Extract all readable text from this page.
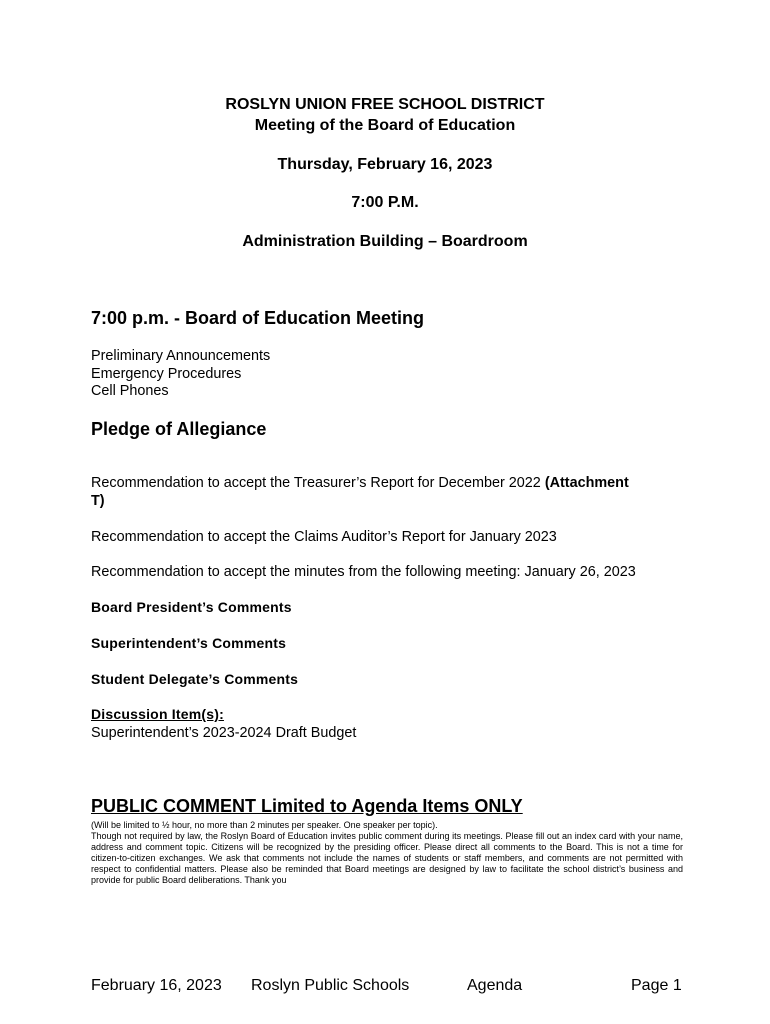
ROSLYN UNION FREE SCHOOL DISTRICT
Meeting of the Board of Education
Thursday, February 16, 2023
7:00 P.M.
Administration Building – Boardroom
7:00 p.m. - Board of Education Meeting
Preliminary Announcements
Emergency Procedures
Cell Phones
Pledge of Allegiance
Recommendation to accept the Treasurer’s Report for December 2022 (Attachment
T)
Recommendation to accept the Claims Auditor’s Report for January 2023
Recommendation to accept the minutes from the following meeting: January 26, 2023
Board President’s Comments
Superintendent’s Comments
Student Delegate’s Comments
Discussion Item(s):
Superintendent’s 2023-2024 Draft Budget
PUBLIC COMMENT Limited to Agenda Items ONLY
(Will be limited to ½ hour, no more than 2 minutes per speaker. One speaker per topic).
Though not required by law, the Roslyn Board of Education invites public comment during its meetings. Please fill out an index card with your name, address and comment topic. Citizens will be recognized by the presiding officer. Please direct all comments to the Board. This is not a time for citizen-to-citizen exchanges. We ask that comments not include the names of students or staff members, and comments are not permitted with respect to confidential matters. Please also be reminded that Board meetings are designed by law to facilitate the school district’s business and provide for public Board deliberations. Thank you
February 16, 2023 Roslyn Public Schools	Agenda	Page 1
